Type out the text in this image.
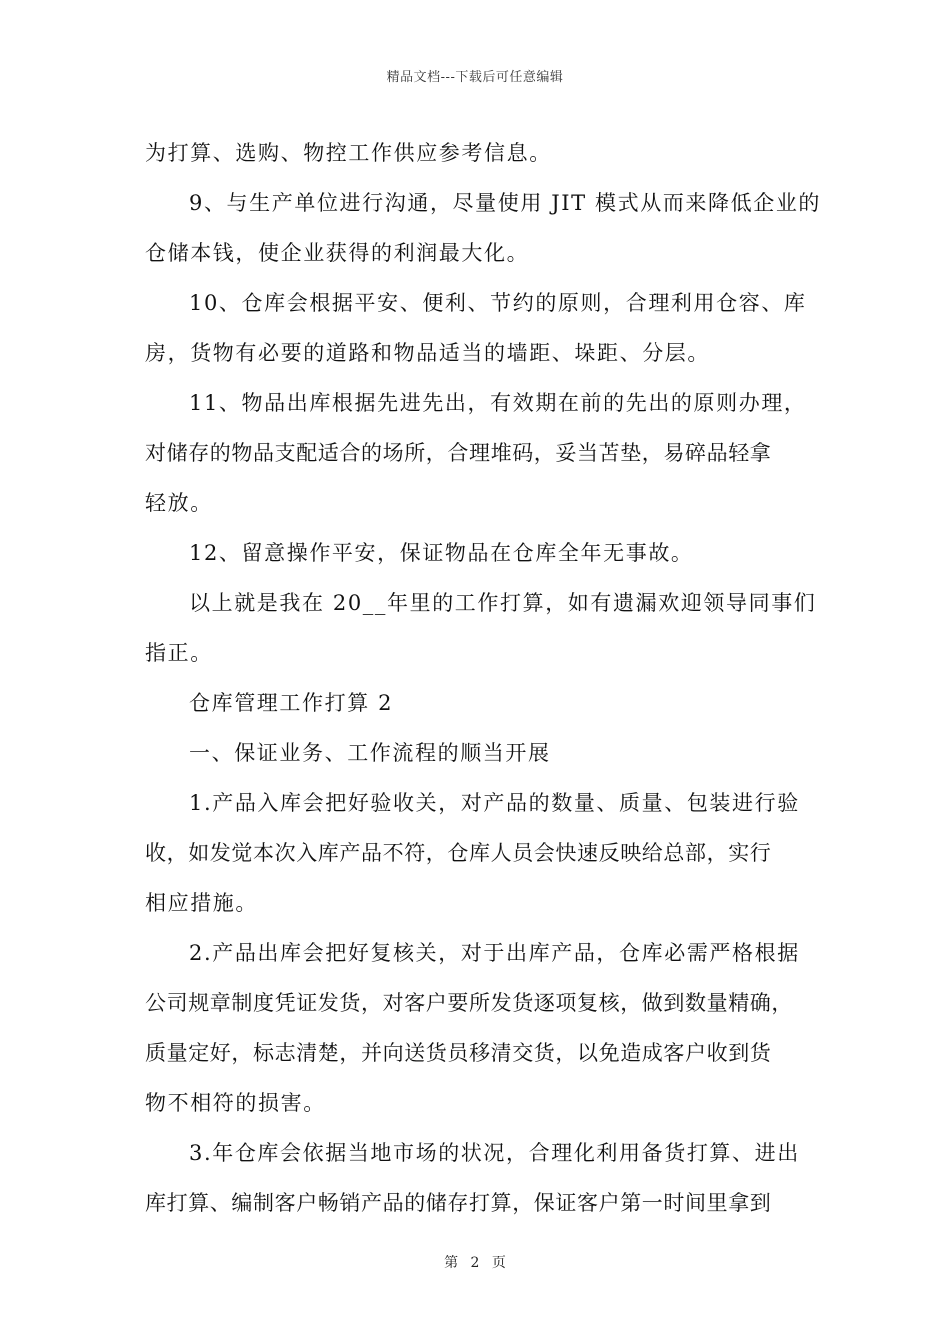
精品文档---下载后可任意编辑
为打算、选购、物控工作供应参考信息。
9、与生产单位进行沟通，尽量使用 JIT 模式从而来降低企业的
仓储本钱，使企业获得的利润最大化。
10、仓库会根据平安、便利、节约的原则，合理利用仓容、库
房，货物有必要的道路和物品适当的墙距、垛距、分层。
11、物品出库根据先进先出，有效期在前的先出的原则办理，
对储存的物品支配适合的场所，合理堆码，妥当苫垫，易碎品轻拿
轻放。
12、留意操作平安，保证物品在仓库全年无事故。
以上就是我在 20__年里的工作打算，如有遗漏欢迎领导同事们
指正。
仓库管理工作打算 2
一、保证业务、工作流程的顺当开展
1.产品入库会把好验收关，对产品的数量、质量、包装进行验
收，如发觉本次入库产品不符，仓库人员会快速反映给总部，实行
相应措施。
2.产品出库会把好复核关，对于出库产品，仓库必需严格根据
公司规章制度凭证发货，对客户要所发货逐项复核，做到数量精确，
质量定好，标志清楚，并向送货员移清交货，以免造成客户收到货
物不相符的损害。
3.年仓库会依据当地市场的状况，合理化利用备货打算、进出
库打算、编制客户畅销产品的储存打算，保证客户第一时间里拿到
第 2 页
